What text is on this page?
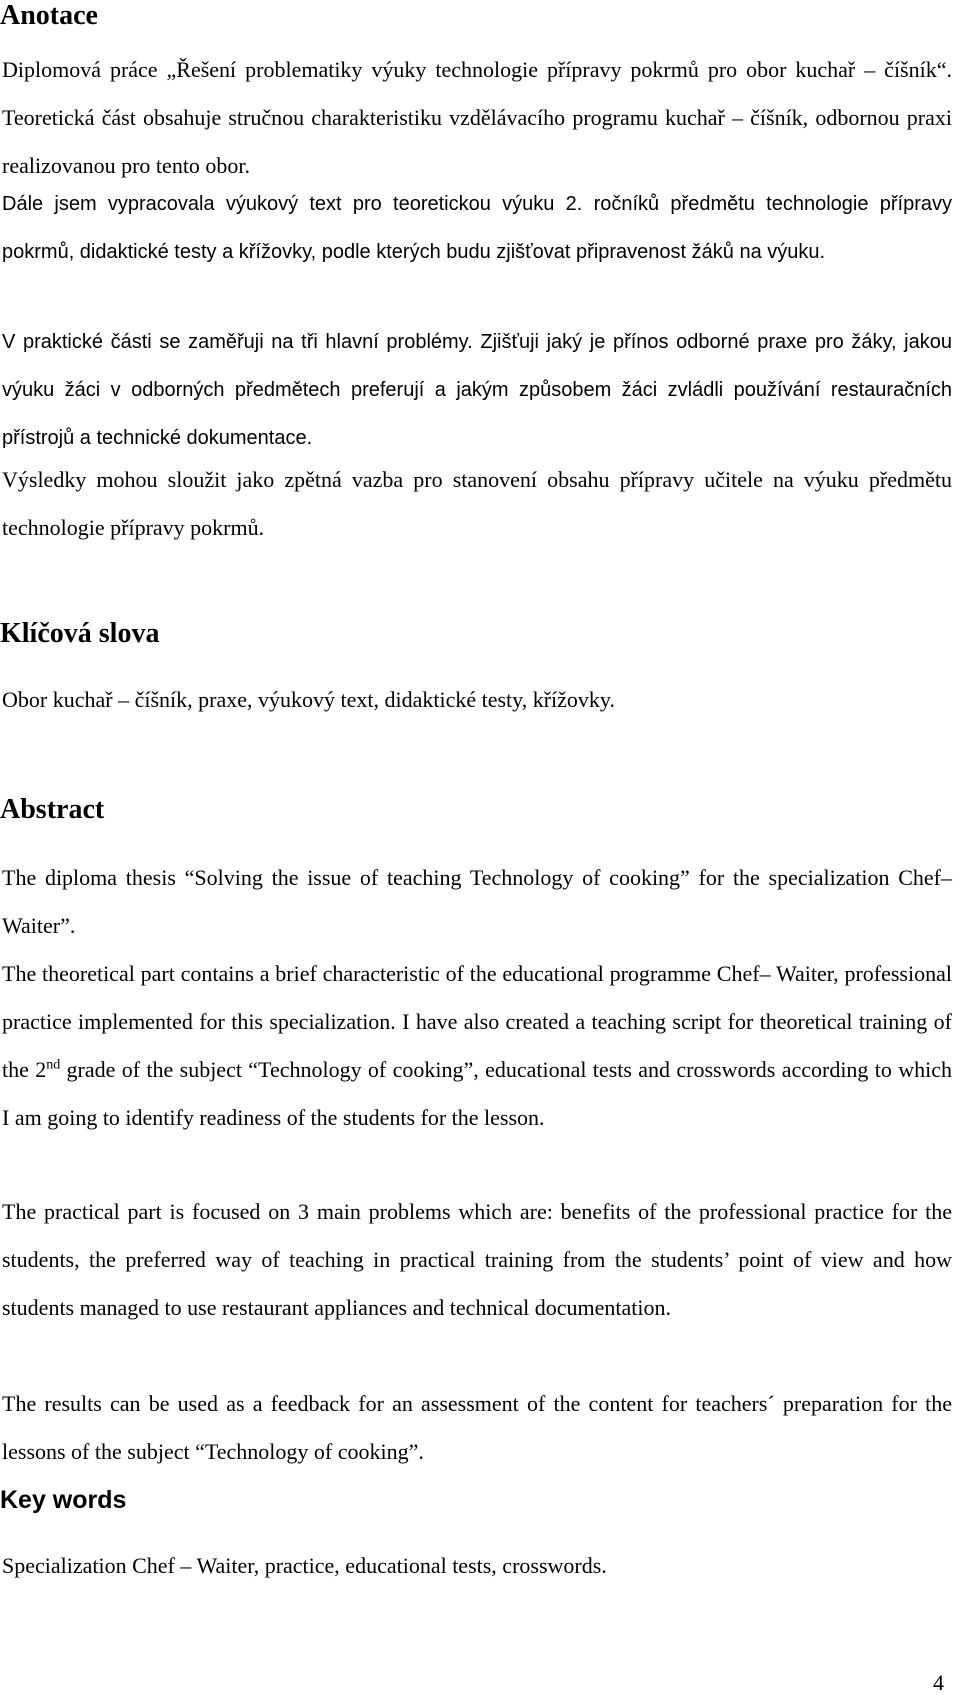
Anotace

Diplomová práce „Řešení problematiky výuky technologie přípravy pokrmů pro obor kuchař – číšník“. Teoretická část obsahuje stručnou charakteristiku vzdělávacího programu kuchař – číšník, odbornou praxi realizovanou pro tento obor.

Dále jsem vypracovala výukový text pro teoretickou výuku 2. ročníků předmětu technologie přípravy pokrmů, didaktické testy a křížovky, podle kterých budu zjišťovat připravenost žáků na výuku.

V praktické části se zaměřuji na tři hlavní problémy. Zjišťuji jaký je přínos odborné praxe pro žáky, jakou výuku žáci v odborných předmětech preferují a jakým způsobem žáci zvládli používání restauračních přístrojů a technické dokumentace.

Výsledky mohou sloužit jako zpětná vazba pro stanovení obsahu přípravy učitele na výuku předmětu technologie přípravy pokrmů.

Klíčová slova

Obor kuchař – číšník, praxe, výukový text, didaktické testy, křížovky.

Abstract

The diploma thesis “Solving the issue of teaching Technology of cooking” for the specialization Chef– Waiter”.

The theoretical part contains a brief characteristic of the educational programme Chef– Waiter, professional practice implemented for this specialization. I have also created a teaching script for theoretical training of the 2nd grade of the subject “Technology of cooking”, educational tests and crosswords according to which I am going to identify readiness of the students for the lesson.

The practical part is focused on 3 main problems which are: benefits of the professional practice for the students, the preferred way of teaching in practical training from the students’ point of view and how students managed to use restaurant appliances and technical documentation.

The results can be used as a feedback for an assessment of the content for teachers´ preparation for the lessons of the subject “Technology of cooking”.

Key words

Specialization Chef – Waiter, practice, educational tests, crosswords.

4
